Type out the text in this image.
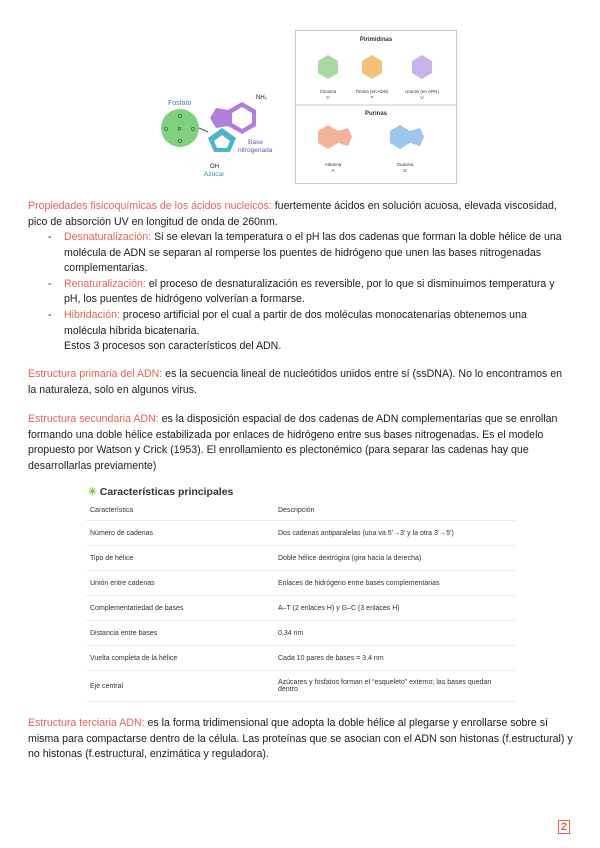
Fosfato
O
P
O
O	O
NH₂
Base
nitrogenada
OH
Azúcar
Pirimidinas
Citosina
C
Timina (en ADN)
T
Uracilo (en ARN)
U
Purinas
Adenina
A
Guanina
G
Propiedades fisicoquímicas de los ácidos nucleicos: fuertemente ácidos en solución acuosa, elevada viscosidad, pico de absorción UV en longitud de onda de 260nm.
- Desnaturalización: Si se elevan la temperatura o el pH las dos cadenas que forman la doble hélice de una molécula de ADN se separan al romperse los puentes de hidrógeno que unen las bases nitrogenadas complementarias.
- Renaturalización: el proceso de desnaturalización es reversible, por lo que si disminuimos temperatura y pH, los puentes de hidrógeno volverían a formarse.
- Hibridación: proceso artificial por el cual a partir de dos moléculas monocatenarias obtenemos una molécula híbrida bicatenaria.
Estos 3 procesos son característicos del ADN.
Estructura primaria del ADN: es la secuencia lineal de nucleótidos unidos entre sí (ssDNA). No lo encontramos en la naturaleza, solo en algunos virus.
Estructura secundaria ADN: es la disposición espacial de dos cadenas de ADN complementarias que se enrollan formando una doble hélice estabilizada por enlaces de hidrógeno entre sus bases nitrogenadas. Es el modelo propuesto por Watson y Crick (1953). El enrollamiento es plectonémico (para separar las cadenas hay que desarrollarlas previamente)
✳ Características principales
Característica	Descripción
Número de cadenas	Dos cadenas antiparalelas (una va 5'→3' y la otra 3'→5')
Tipo de hélice	Doble hélice dextrógira (gira hacia la derecha)
Unión entre cadenas	Enlaces de hidrógeno entre bases complementarias
Complementariedad de bases	A–T (2 enlaces H) y G–C (3 enlaces H)
Distancia entre bases	0,34 nm
Vuelta completa de la hélice	Cada 10 pares de bases = 3,4 nm
Eje central	Azúcares y fosfatos forman el “esqueleto” externo; las bases quedan dentro
Estructura terciaria ADN: es la forma tridimensional que adopta la doble hélice al plegarse y enrollarse sobre sí misma para compactarse dentro de la célula. Las proteínas que se asocian con el ADN son histonas (f.estructural) y no histonas (f.estructural, enzimática y reguladora).
2
